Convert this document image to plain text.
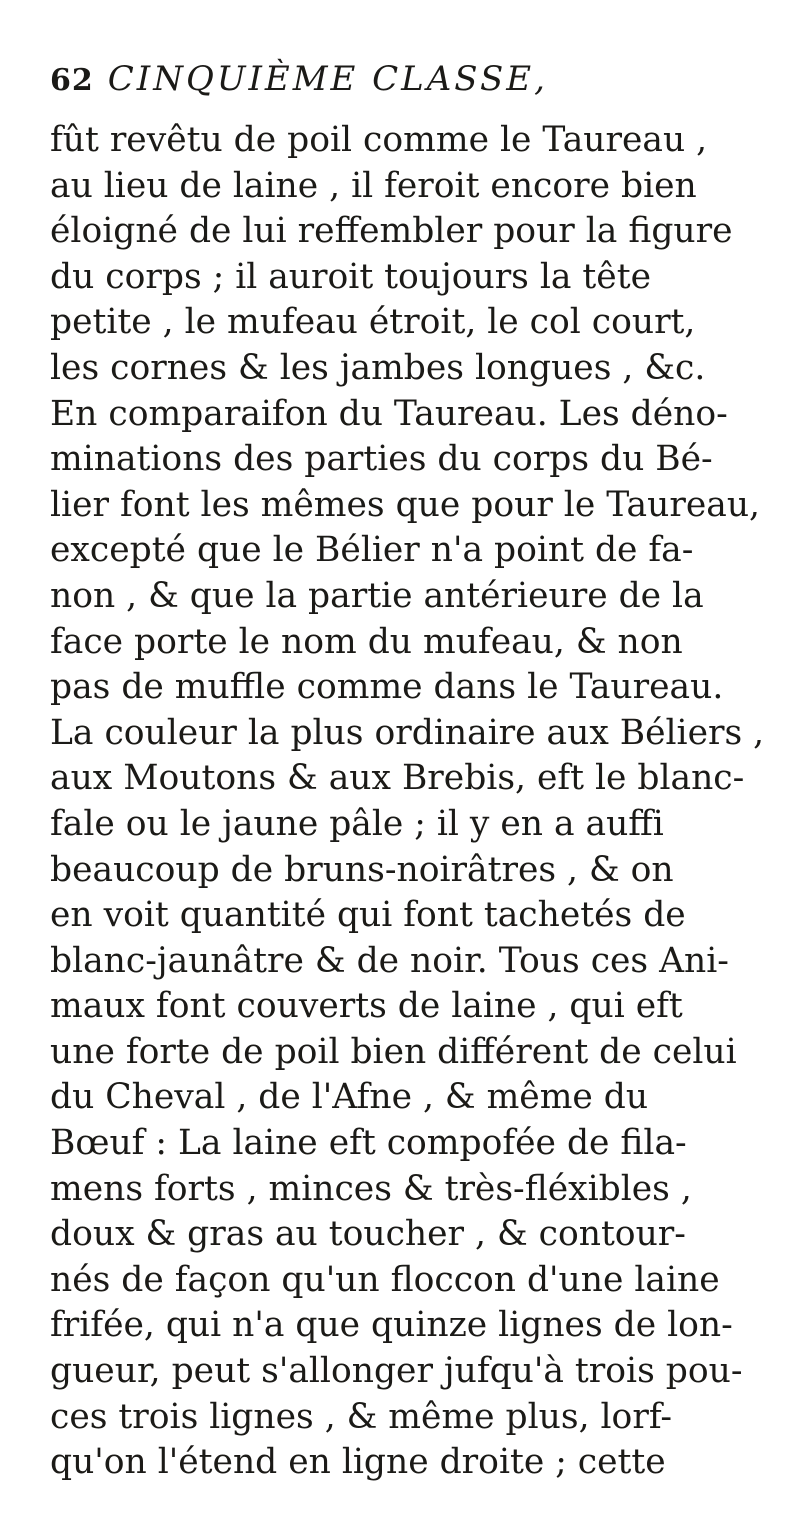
62 CINQUIÈME CLASSE,

fût revêtu de poil comme le Taureau ,
au lieu de laine , il feroit encore bien
éloigné de lui reffembler pour la figure
du corps ; il auroit toujours la tête
petite , le mufeau étroit, le col court,
les cornes & les jambes longues , &c.
En comparaifon du Taureau. Les déno-
minations des parties du corps du Bé-
lier font les mêmes que pour le Taureau,
excepté que le Bélier n'a point de fa-
non , & que la partie antérieure de la
face porte le nom du mufeau, & non
pas de muffle comme dans le Taureau.
La couleur la plus ordinaire aux Béliers ,
aux Moutons & aux Brebis, eft le blanc-
fale ou le jaune pâle ; il y en a auffi
beaucoup de bruns-noirâtres , & on
en voit quantité qui font tachetés de
blanc-jaunâtre & de noir. Tous ces Ani-
maux font couverts de laine , qui eft
une forte de poil bien différent de celui
du Cheval , de l'Afne , & même du
Bœuf : La laine eft compofée de fila-
mens forts , minces & très-fléxibles ,
doux & gras au toucher , & contour-
nés de façon qu'un floccon d'une laine
frifée, qui n'a que quinze lignes de lon-
gueur, peut s'allonger jufqu'à trois pou-
ces trois lignes , & même plus, lorf-
qu'on l'étend en ligne droite ; cette
